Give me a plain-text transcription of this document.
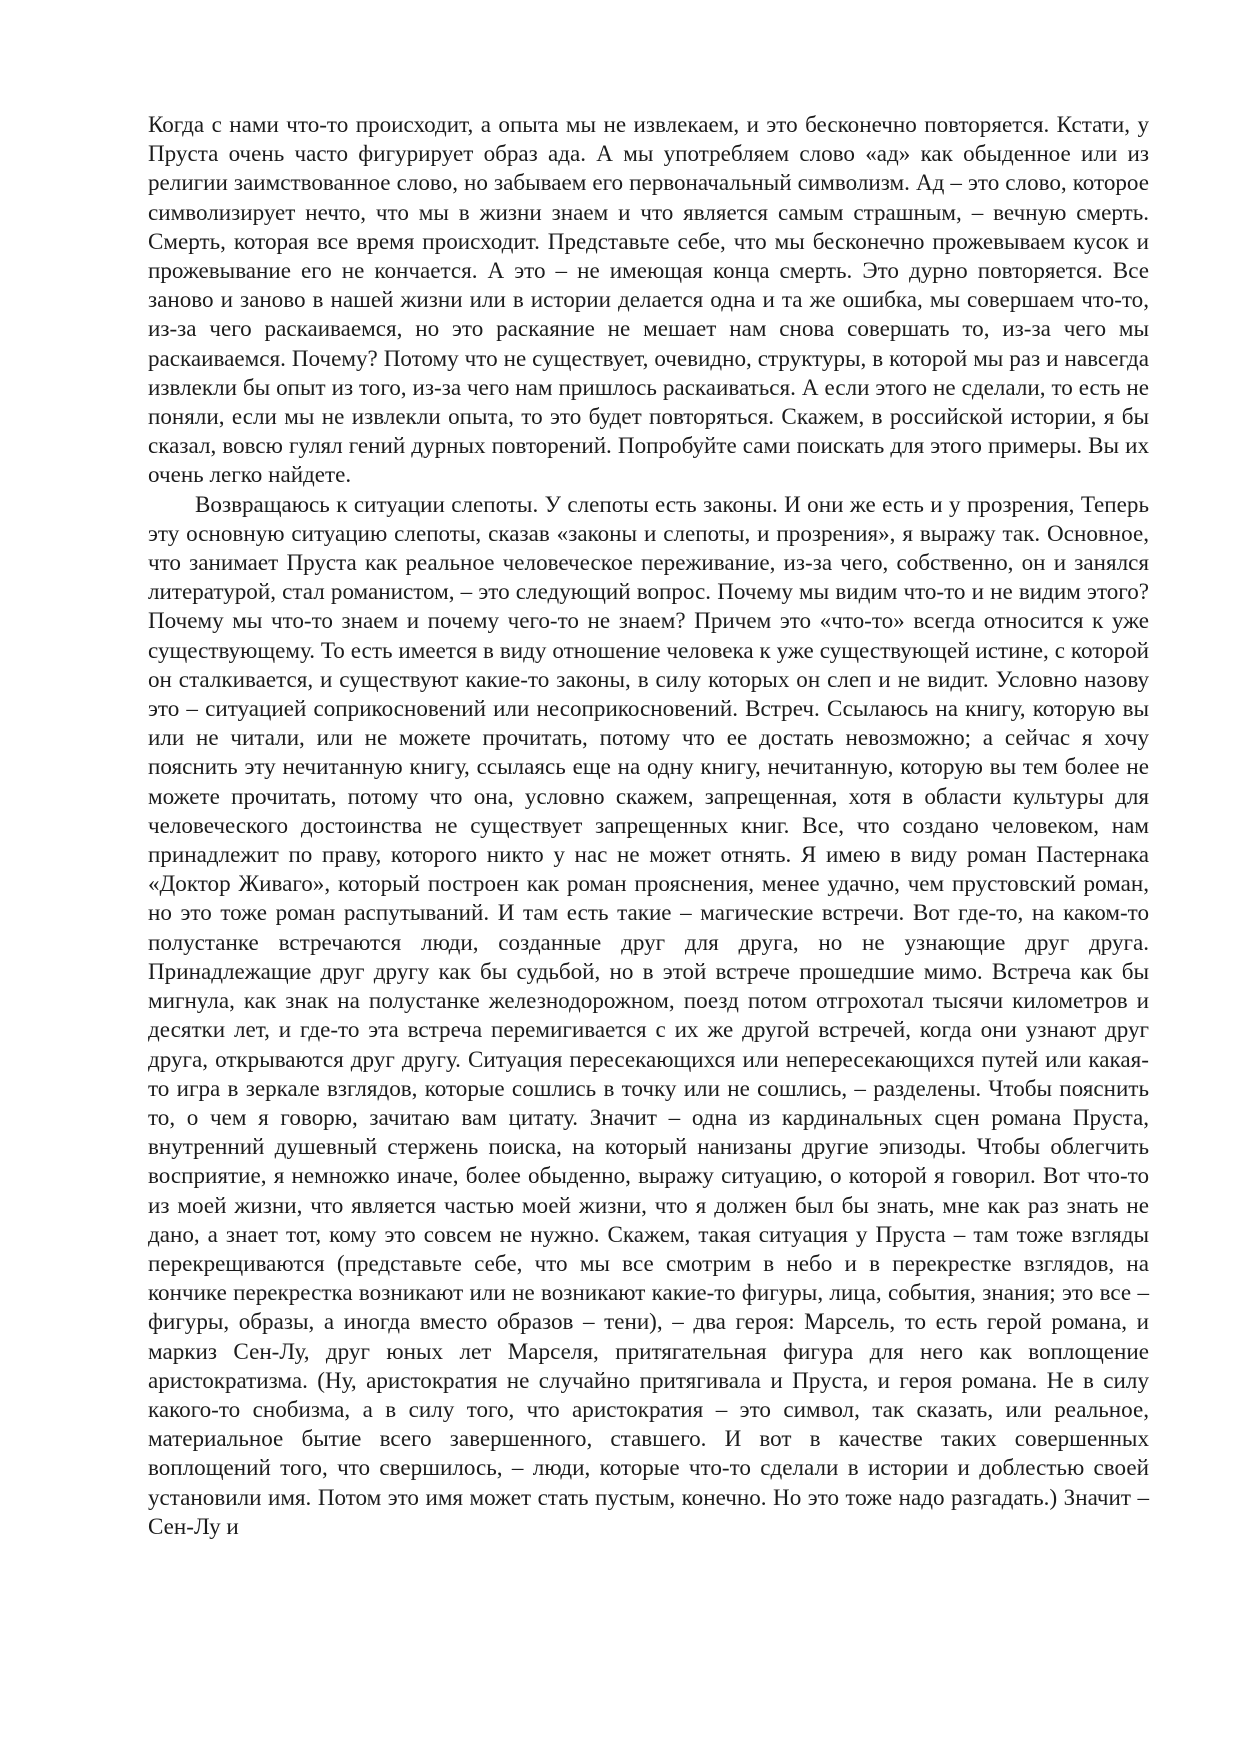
Когда с нами что-то происходит, а опыта мы не извлекаем, и это бесконечно повторяется. Кстати, у Пруста очень часто фигурирует образ ада. А мы употребляем слово «ад» как обыденное или из религии заимствованное слово, но забываем его первоначальный символизм. Ад – это слово, которое символизирует нечто, что мы в жизни знаем и что является самым страшным, – вечную смерть. Смерть, которая все время происходит. Представьте себе, что мы бесконечно прожевываем кусок и прожевывание его не кончается. А это – не имеющая конца смерть. Это дурно повторяется. Все заново и заново в нашей жизни или в истории делается одна и та же ошибка, мы совершаем что-то, из-за чего раскаиваемся, но это раскаяние не мешает нам снова совершать то, из-за чего мы раскаиваемся. Почему? Потому что не существует, очевидно, структуры, в которой мы раз и навсегда извлекли бы опыт из того, из-за чего нам пришлось раскаиваться. А если этого не сделали, то есть не поняли, если мы не извлекли опыта, то это будет повторяться. Скажем, в российской истории, я бы сказал, вовсю гулял гений дурных повторений. Попробуйте сами поискать для этого примеры. Вы их очень легко найдете.

Возвращаюсь к ситуации слепоты. У слепоты есть законы. И они же есть и у прозрения, Теперь эту основную ситуацию слепоты, сказав «законы и слепоты, и прозрения», я выражу так. Основное, что занимает Пруста как реальное человеческое переживание, из-за чего, собственно, он и занялся литературой, стал романистом, – это следующий вопрос. Почему мы видим что-то и не видим этого? Почему мы что-то знаем и почему чего-то не знаем? Причем это «что-то» всегда относится к уже существующему. То есть имеется в виду отношение человека к уже существующей истине, с которой он сталкивается, и существуют какие-то законы, в силу которых он слеп и не видит. Условно назову это – ситуацией соприкосновений или несоприкосновений. Встреч. Ссылаюсь на книгу, которую вы или не читали, или не можете прочитать, потому что ее достать невозможно; а сейчас я хочу пояснить эту нечитанную книгу, ссылаясь еще на одну книгу, нечитанную, которую вы тем более не можете прочитать, потому что она, условно скажем, запрещенная, хотя в области культуры для человеческого достоинства не существует запрещенных книг. Все, что создано человеком, нам принадлежит по праву, которого никто у нас не может отнять. Я имею в виду роман Пастернака «Доктор Живаго», который построен как роман прояснения, менее удачно, чем прустовский роман, но это тоже роман распутываний. И там есть такие – магические встречи. Вот где-то, на каком-то полустанке встречаются люди, созданные друг для друга, но не узнающие друг друга. Принадлежащие друг другу как бы судьбой, но в этой встрече прошедшие мимо. Встреча как бы мигнула, как знак на полустанке железнодорожном, поезд потом отгрохотал тысячи километров и десятки лет, и где-то эта встреча перемигивается с их же другой встречей, когда они узнают друг друга, открываются друг другу. Ситуация пересекающихся или непересекающихся путей или какая-то игра в зеркале взглядов, которые сошлись в точку или не сошлись, – разделены. Чтобы пояснить то, о чем я говорю, зачитаю вам цитату. Значит – одна из кардинальных сцен романа Пруста, внутренний душевный стержень поиска, на который нанизаны другие эпизоды. Чтобы облегчить восприятие, я немножко иначе, более обыденно, выражу ситуацию, о которой я говорил. Вот что-то из моей жизни, что является частью моей жизни, что я должен был бы знать, мне как раз знать не дано, а знает тот, кому это совсем не нужно. Скажем, такая ситуация у Пруста – там тоже взгляды перекрещиваются (представьте себе, что мы все смотрим в небо и в перекрестке взглядов, на кончике перекрестка возникают или не возникают какие-то фигуры, лица, события, знания; это все – фигуры, образы, а иногда вместо образов – тени), – два героя: Марсель, то есть герой романа, и маркиз Сен-Лу, друг юных лет Марселя, притягательная фигура для него как воплощение аристократизма. (Ну, аристократия не случайно притягивала и Пруста, и героя романа. Не в силу какого-то снобизма, а в силу того, что аристократия – это символ, так сказать, или реальное, материальное бытие всего завершенного, ставшего. И вот в качестве таких совершенных воплощений того, что свершилось, – люди, которые что-то сделали в истории и доблестью своей установили имя. Потом это имя может стать пустым, конечно. Но это тоже надо разгадать.) Значит – Сен-Лу и
